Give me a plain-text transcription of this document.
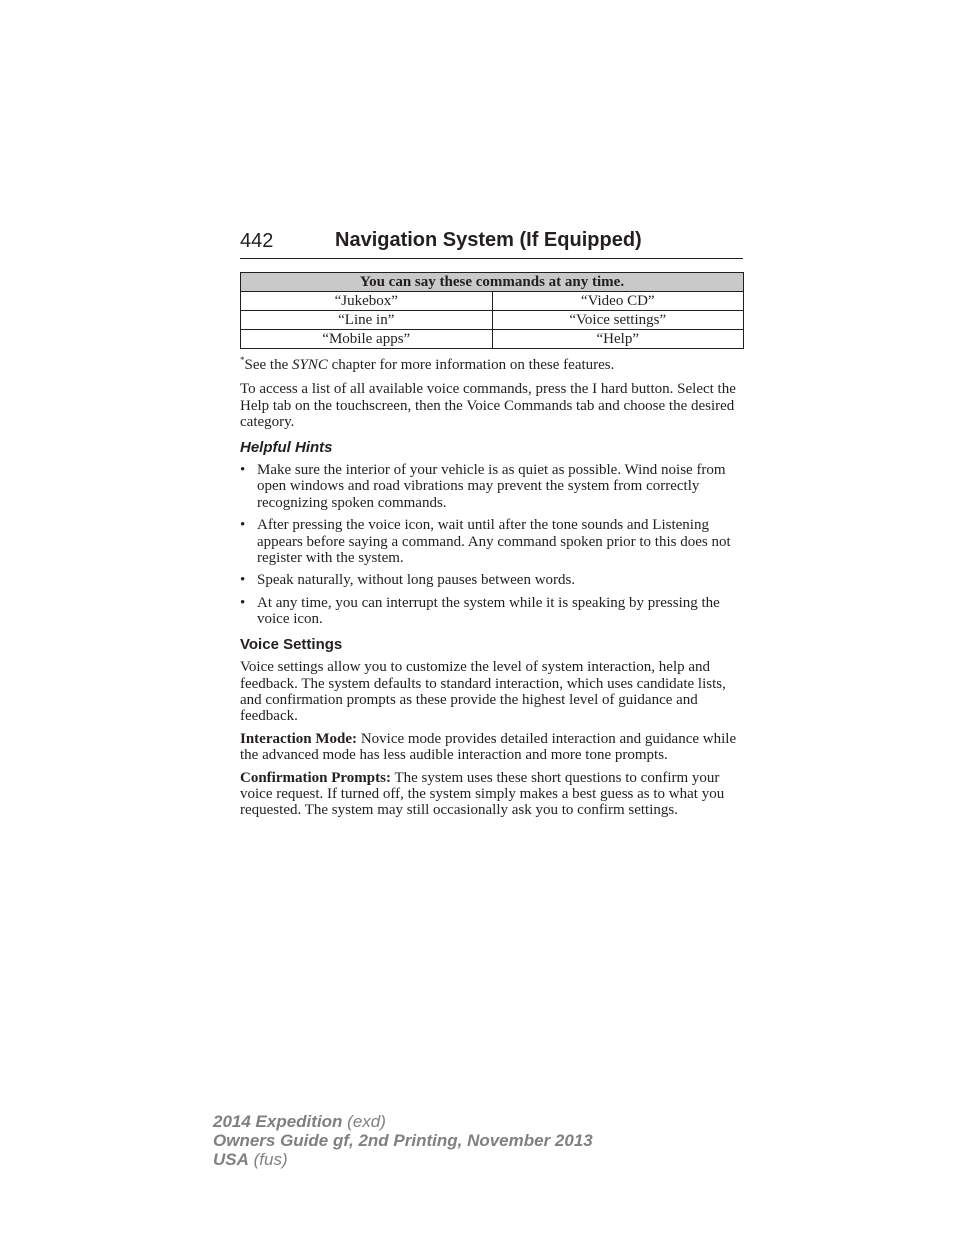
442	Navigation System (If Equipped)
You can say these commands at any time.	
“Jukebox”	“Video CD”
“Line in”	“Voice settings”
“Mobile apps”	“Help”

*See the SYNC chapter for more information on these features.

To access a list of all available voice commands, press the I hard button. Select the Help tab on the touchscreen, then the Voice Commands tab and choose the desired category.

Helpful Hints
• Make sure the interior of your vehicle is as quiet as possible. Wind noise from open windows and road vibrations may prevent the system from correctly recognizing spoken commands.
• After pressing the voice icon, wait until after the tone sounds and Listening appears before saying a command. Any command spoken prior to this does not register with the system.
• Speak naturally, without long pauses between words.
• At any time, you can interrupt the system while it is speaking by pressing the voice icon.
Voice Settings

Voice settings allow you to customize the level of system interaction, help and feedback. The system defaults to standard interaction, which uses candidate lists, and confirmation prompts as these provide the highest level of guidance and feedback.

Interaction Mode: Novice mode provides detailed interaction and guidance while the advanced mode has less audible interaction and more tone prompts.

Confirmation Prompts: The system uses these short questions to confirm your voice request. If turned off, the system simply makes a best guess as to what you requested. The system may still occasionally ask you to confirm settings.

2014 Expedition (exd)
Owners Guide gf, 2nd Printing, November 2013
USA (fus)
